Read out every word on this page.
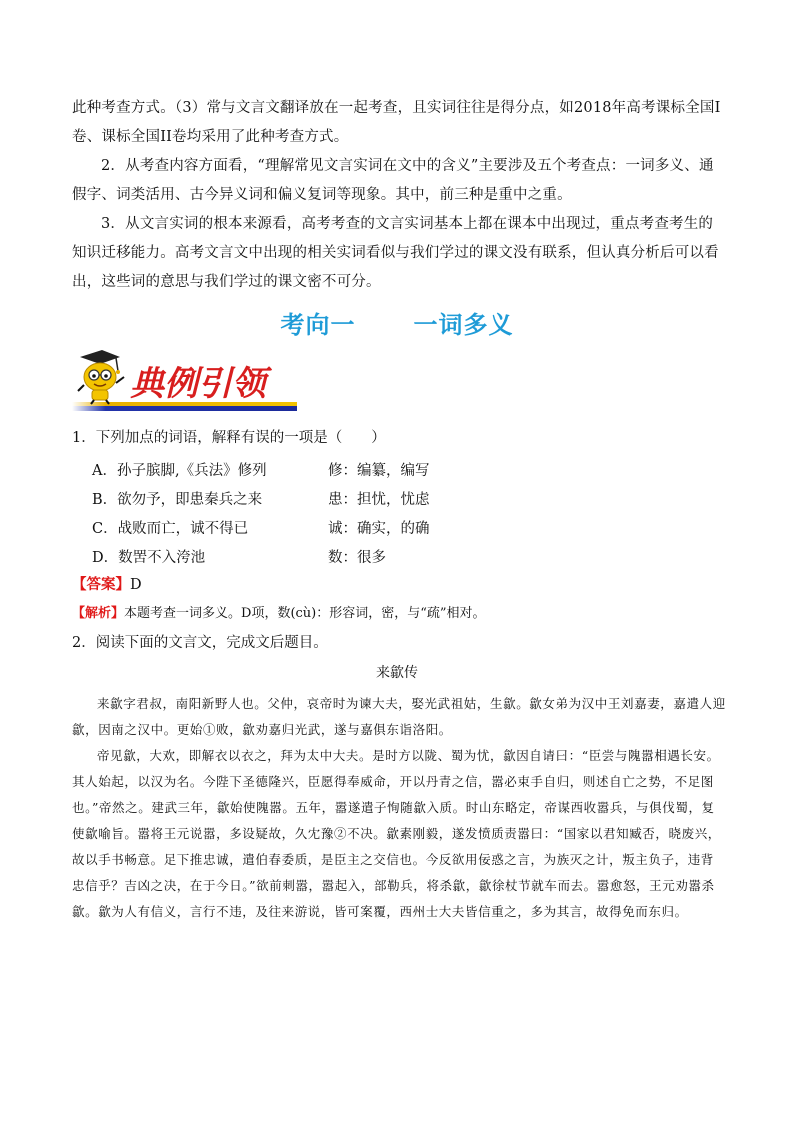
此种考查方式。（3）常与文言文翻译放在一起考查，且实词往往是得分点，如2018年高考课标全国I卷、课标全国II卷均采用了此种考查方式。

2．从考查内容方面看，“理解常见文言实词在文中的含义”主要涉及五个考查点：一词多义、通假字、词类活用、古今异义词和偏义复词等现象。其中，前三种是重中之重。

3．从文言实词的根本来源看，高考考查的文言实词基本上都在课本中出现过，重点考查考生的知识迁移能力。高考文言文中出现的相关实词看似与我们学过的课文没有联系，但认真分析后可以看出，这些词的意思与我们学过的课文密不可分。

考向一 一词多义
典例引领
1．下列加点的词语，解释有误的一项是（　　）
A．孙子膑脚,《兵法》修列	修：编纂，编写
B．欲勿予，即患秦兵之来	患：担忧，忧虑
C．战败而亡，诚不得已	诚：确实，的确
D．数罟不入洿池	数：很多
【答案】D
【解析】本题考查一词多义。D项，数(cù)：形容词，密，与“疏”相对。
2．阅读下面的文言文，完成文后题目。
来歙传

来歙字君叔，南阳新野人也。父仲，哀帝时为谏大夫，娶光武祖姑，生歙。歙女弟为汉中王刘嘉妻，嘉遣人迎歙，因南之汉中。更始①败，歙劝嘉归光武，遂与嘉俱东诣洛阳。

帝见歙，大欢，即解衣以衣之，拜为太中大夫。是时方以陇、蜀为忧，歙因自请曰：“臣尝与隗嚣相遇长安。其人始起，以汉为名。今陛下圣德隆兴，臣愿得奉威命，开以丹青之信，嚣必束手自归，则述自亡之势，不足图也。”帝然之。建武三年，歙始使隗嚣。五年，嚣遂遣子恂随歙入质。时山东略定，帝谋西收嚣兵，与俱伐蜀，复使歙喻旨。嚣将王元说嚣，多设疑故，久冘豫②不决。歙素刚毅，遂发愤质责嚣曰：“国家以君知臧否，晓废兴，故以手书畅意。足下推忠诚，遣伯春委质，是臣主之交信也。今反欲用佞惑之言，为族灭之计，叛主负子，违背忠信乎？吉凶之决，在于今日。”欲前刺嚣，嚣起入，部勒兵，将杀歙，歙徐杖节就车而去。嚣愈怒，王元劝嚣杀歙。歙为人有信义，言行不违，及往来游说，皆可案覆，西州士大夫皆信重之，多为其言，故得免而东归。
